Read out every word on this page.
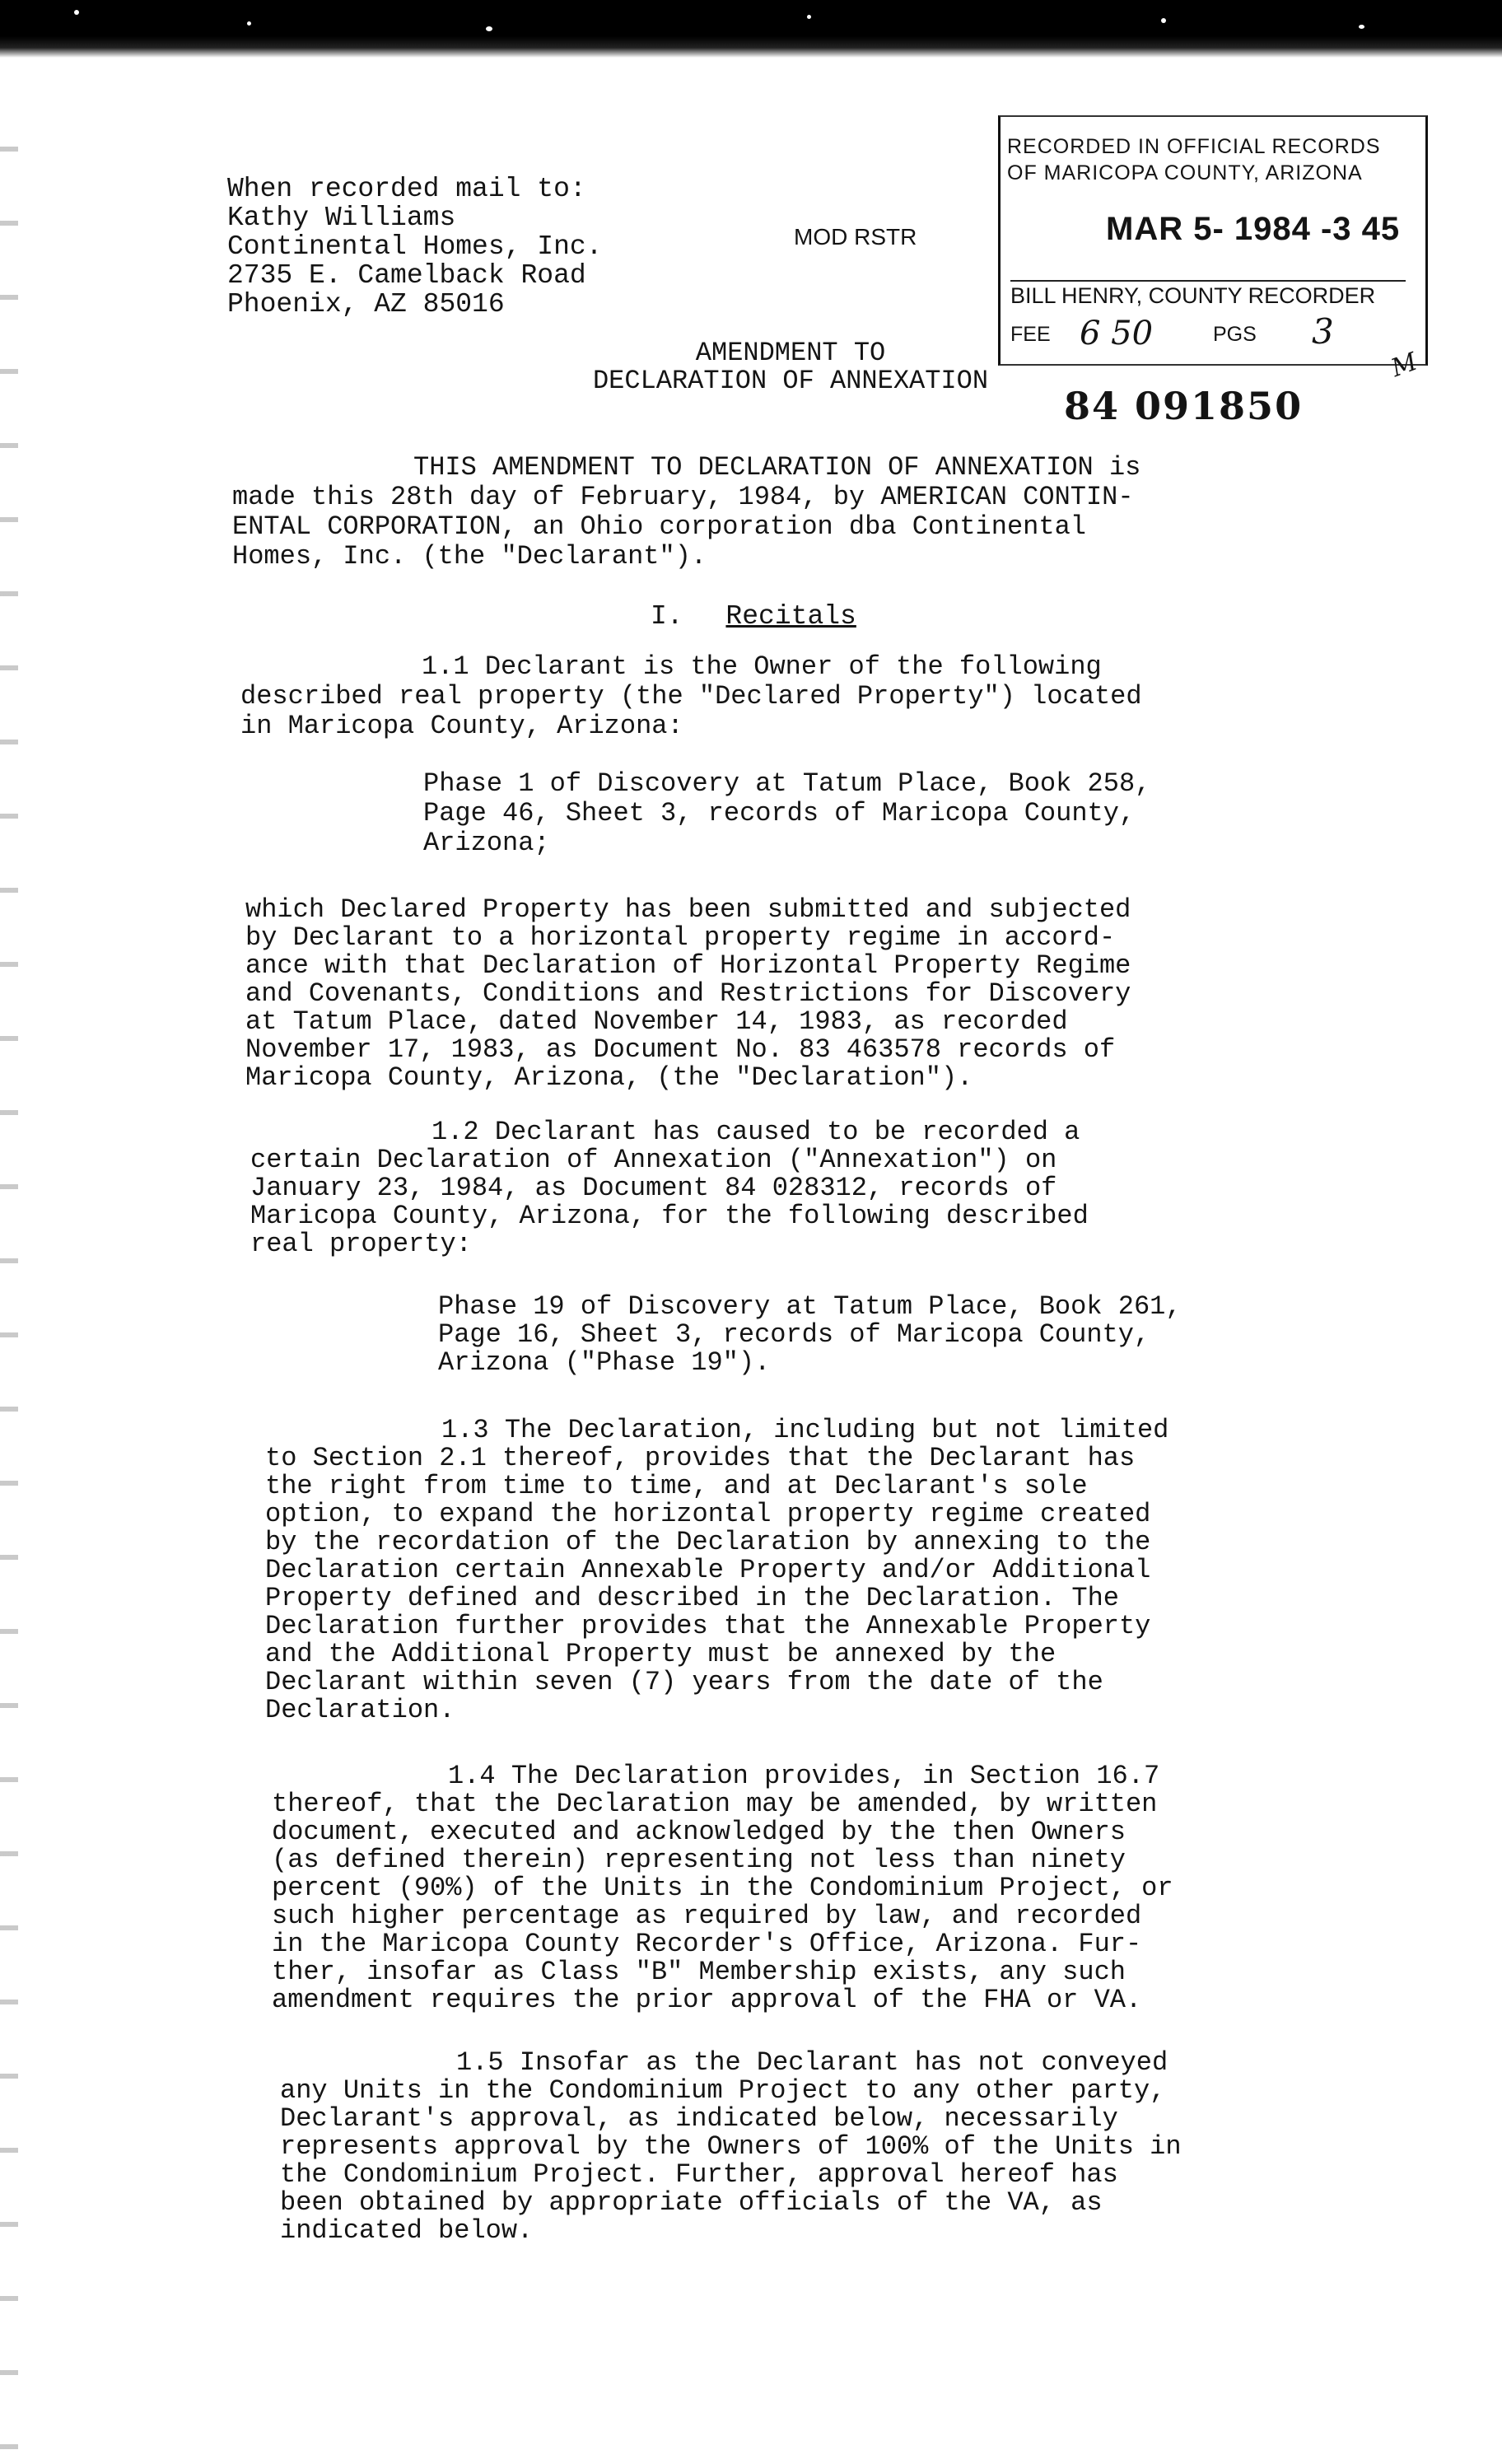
When recorded mail to:
Kathy Williams
Continental Homes, Inc.
2735 E. Camelback Road
Phoenix, AZ 85016
MOD RSTR
RECORDED IN OFFICIAL RECORDS
OF MARICOPA COUNTY, ARIZONA
MAR 5- 1984 -3 45
BILL HENRY, COUNTY RECORDER
FEE 6 50	PGS 3
84 091850
M
AMENDMENT TO
DECLARATION OF ANNEXATION
THIS AMENDMENT TO DECLARATION OF ANNEXATION is
made this 28th day of February, 1984, by AMERICAN CONTIN-
ENTAL CORPORATION, an Ohio corporation dba Continental
Homes, Inc. (the "Declarant").
I. Recitals
1.1 Declarant is the Owner of the following
described real property (the "Declared Property") located
in Maricopa County, Arizona:
Phase 1 of Discovery at Tatum Place, Book 258,
Page 46, Sheet 3, records of Maricopa County,
Arizona;
which Declared Property has been submitted and subjected
by Declarant to a horizontal property regime in accord-
ance with that Declaration of Horizontal Property Regime
and Covenants, Conditions and Restrictions for Discovery
at Tatum Place, dated November 14, 1983, as recorded
November 17, 1983, as Document No. 83 463578 records of
Maricopa County, Arizona, (the "Declaration").
1.2 Declarant has caused to be recorded a
certain Declaration of Annexation ("Annexation") on
January 23, 1984, as Document 84 028312, records of
Maricopa County, Arizona, for the following described
real property:
Phase 19 of Discovery at Tatum Place, Book 261,
Page 16, Sheet 3, records of Maricopa County,
Arizona ("Phase 19").
1.3 The Declaration, including but not limited
to Section 2.1 thereof, provides that the Declarant has
the right from time to time, and at Declarant's sole
option, to expand the horizontal property regime created
by the recordation of the Declaration by annexing to the
Declaration certain Annexable Property and/or Additional
Property defined and described in the Declaration. The
Declaration further provides that the Annexable Property
and the Additional Property must be annexed by the
Declarant within seven (7) years from the date of the
Declaration.
1.4 The Declaration provides, in Section 16.7
thereof, that the Declaration may be amended, by written
document, executed and acknowledged by the then Owners
(as defined therein) representing not less than ninety
percent (90%) of the Units in the Condominium Project, or
such higher percentage as required by law, and recorded
in the Maricopa County Recorder's Office, Arizona. Fur-
ther, insofar as Class "B" Membership exists, any such
amendment requires the prior approval of the FHA or VA.
1.5 Insofar as the Declarant has not conveyed
any Units in the Condominium Project to any other party,
Declarant's approval, as indicated below, necessarily
represents approval by the Owners of 100% of the Units in
the Condominium Project. Further, approval hereof has
been obtained by appropriate officials of the VA, as
indicated below.
